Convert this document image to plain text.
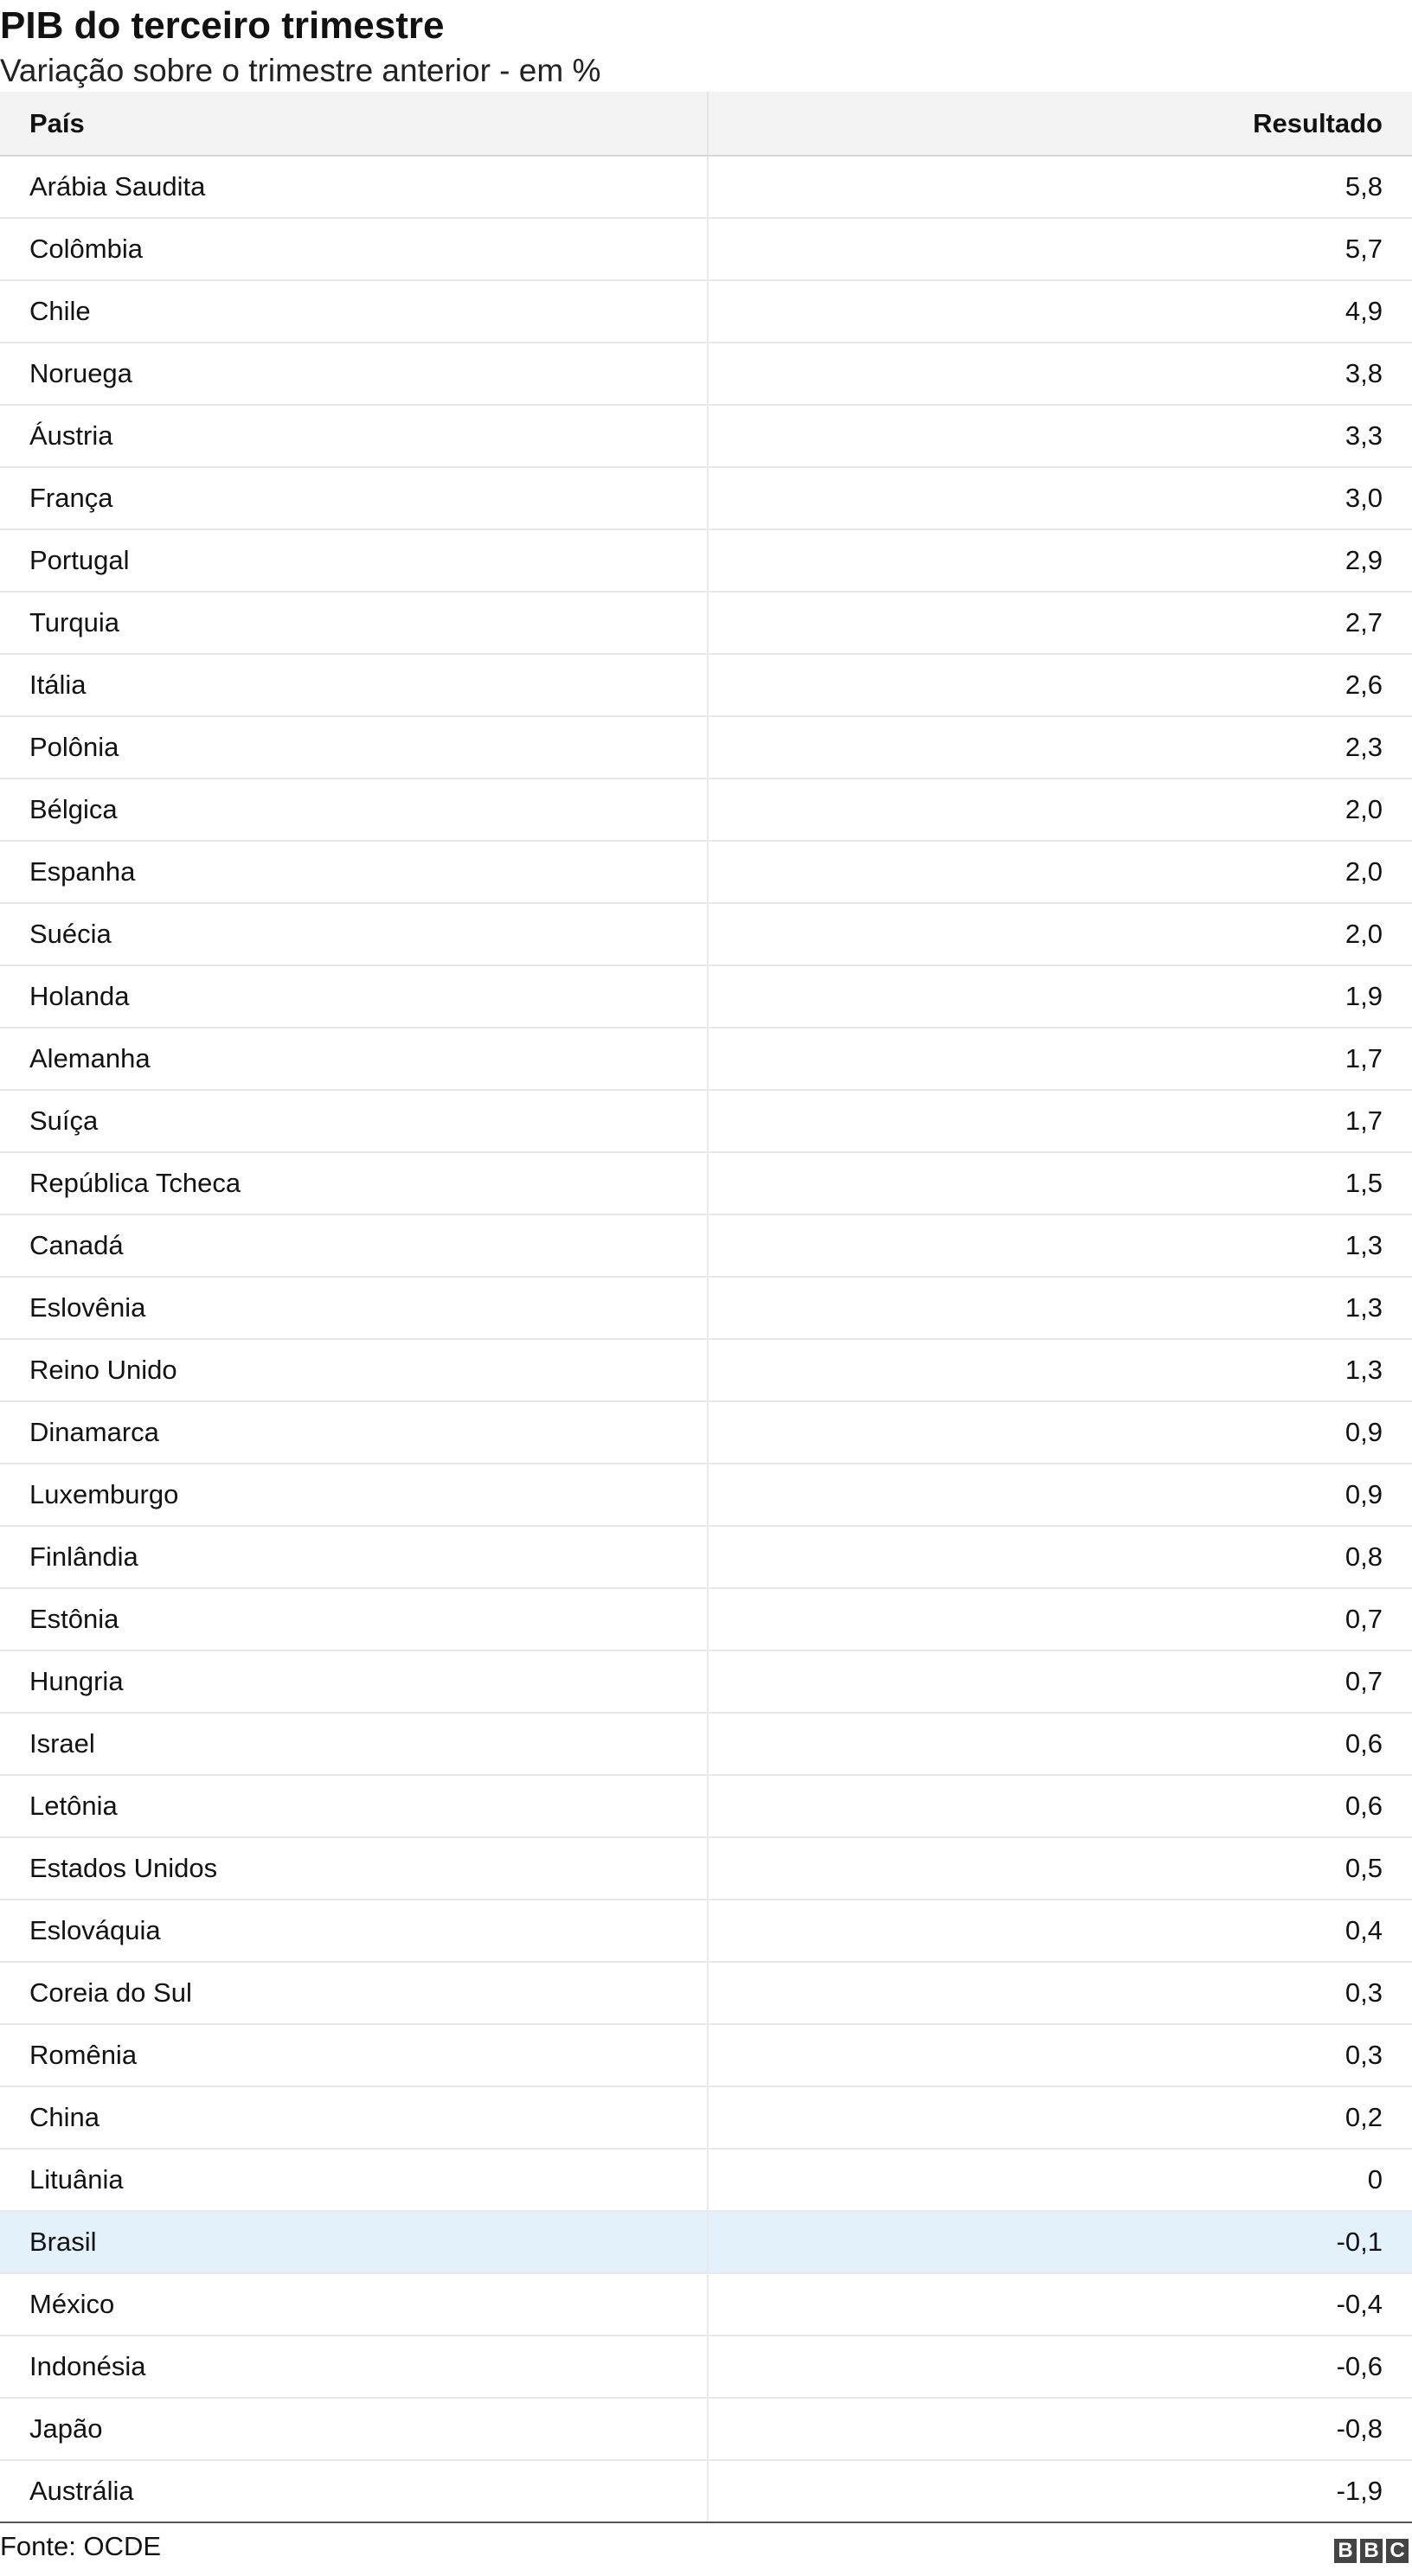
PIB do terceiro trimestre

Variação sobre o trimestre anterior - em %

País	Resultado
Arábia Saudita	5,8
Colômbia	5,7
Chile	4,9
Noruega	3,8
Áustria	3,3
França	3,0
Portugal	2,9
Turquia	2,7
Itália	2,6
Polônia	2,3
Bélgica	2,0
Espanha	2,0
Suécia	2,0
Holanda	1,9
Alemanha	1,7
Suíça	1,7
República Tcheca	1,5
Canadá	1,3
Eslovênia	1,3
Reino Unido	1,3
Dinamarca	0,9
Luxemburgo	0,9
Finlândia	0,8
Estônia	0,7
Hungria	0,7
Israel	0,6
Letônia	0,6
Estados Unidos	0,5
Eslováquia	0,4
Coreia do Sul	0,3
Romênia	0,3
China	0,2
Lituânia	0
Brasil	-0,1
México	-0,4
Indonésia	-0,6
Japão	-0,8
Austrália	-1,9
Fonte: OCDE	B B C
